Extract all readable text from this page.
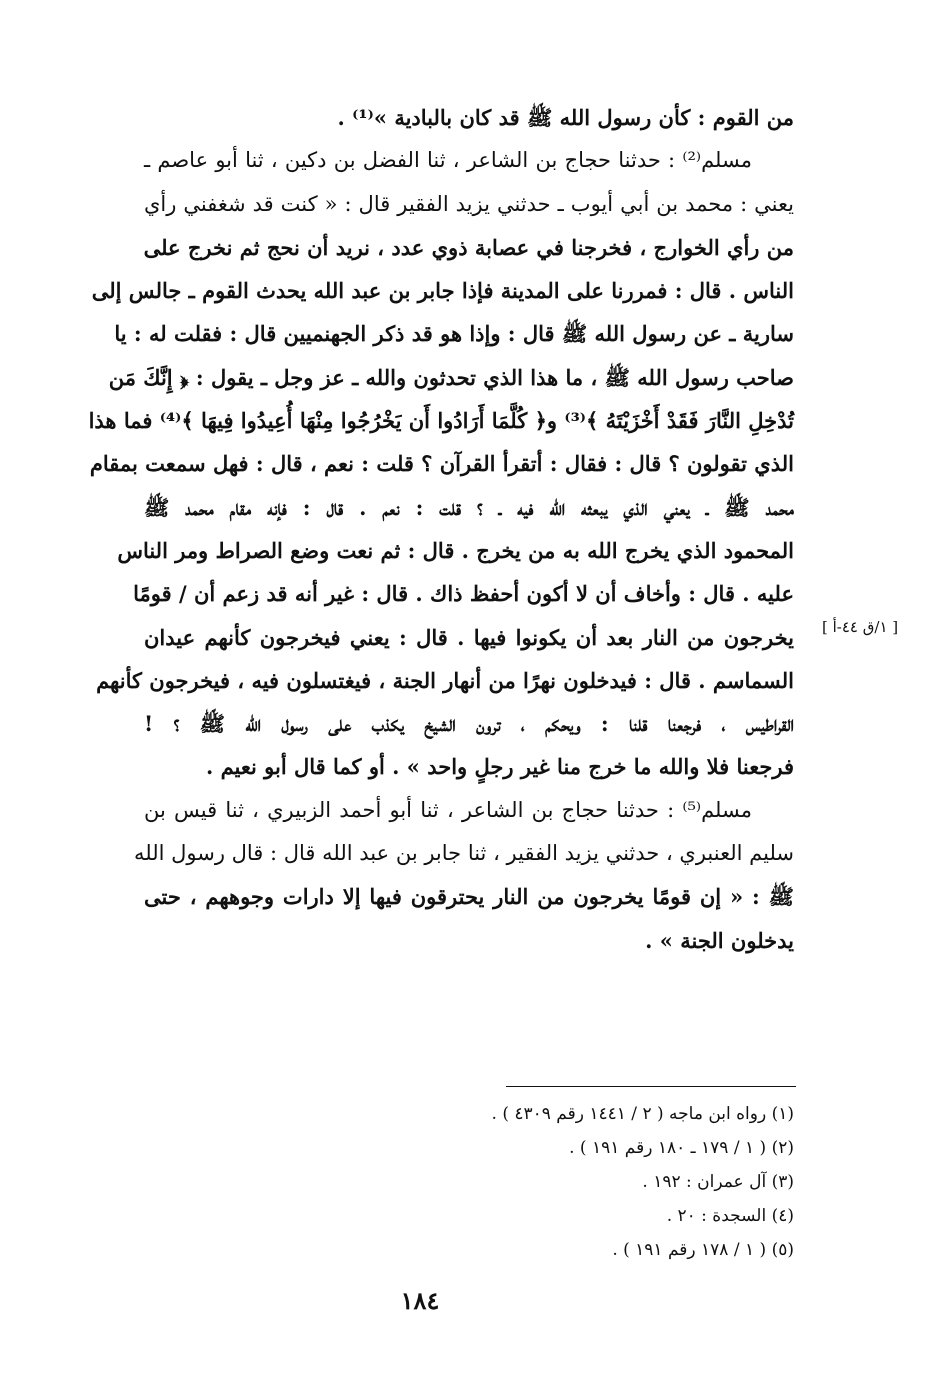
من القوم : كأن رسول الله ﷺ قد كان بالبادية »⁽¹⁾ .
مسلم⁽²⁾ : حدثنا حجاج بن الشاعر ، ثنا الفضل بن دكين ، ثنا أبو عاصم ـ
يعني : محمد بن أبي أيوب ـ حدثني يزيد الفقير قال : « كنت قد شغفني رأي
من رأي الخوارج ، فخرجنا في عصابة ذوي عدد ، نريد أن نحج ثم نخرج على
الناس . قال : فمررنا على المدينة فإذا جابر بن عبد الله يحدث القوم ـ جالس إلى
سارية ـ عن رسول الله ﷺ قال : وإذا هو قد ذكر الجهنميين قال : فقلت له : يا
صاحب رسول الله ﷺ ، ما هذا الذي تحدثون والله ـ عز وجل ـ يقول : ﴿ إِنَّكَ مَن
تُدْخِلِ النَّارَ فَقَدْ أَخْزَيْتَهُ ﴾⁽³⁾ و﴿ كُلَّمَا أَرَادُوا أَن يَخْرُجُوا مِنْهَا أُعِيدُوا فِيهَا ﴾⁽⁴⁾ فما هذا
الذي تقولون ؟ قال : فقال : أتقرأ القرآن ؟ قلت : نعم ، قال : فهل سمعت بمقام
محمد ﷺ ـ يعني الذي يبعثه الله فيه ـ ؟ قلت : نعم . قال : فإنه مقام محمد ﷺ
المحمود الذي يخرج الله به من يخرج . قال : ثم نعت وضع الصراط ومر الناس
عليه . قال : وأخاف أن لا أكون أحفظ ذاك . قال : غير أنه قد زعم أن / قومًا
يخرجون من النار بعد أن يكونوا فيها . قال : يعني فيخرجون كأنهم عيدان
السماسم . قال : فيدخلون نهرًا من أنهار الجنة ، فيغتسلون فيه ، فيخرجون كأنهم
القراطيس ، فرجعنا قلنا : ويحكم ، ترون الشيخ يكذب على رسول الله ﷺ ؟ !
فرجعنا فلا والله ما خرج منا غير رجلٍ واحد » . أو كما قال أبو نعيم .
مسلم⁽⁵⁾ : حدثنا حجاج بن الشاعر ، ثنا أبو أحمد الزبيري ، ثنا قيس بن
سليم العنبري ، حدثني يزيد الفقير ، ثنا جابر بن عبد الله قال : قال رسول الله
ﷺ : « إن قومًا يخرجون من النار يحترقون فيها إلا دارات وجوههم ، حتى
يدخلون الجنة » .
[ ١/ق ٤٤-أ ]
(١) رواه ابن ماجه ( ٢ / ١٤٤١ رقم ٤٣٠٩ ) .
(٢) ( ١ / ١٧٩ ـ ١٨٠ رقم ١٩١ ) .
(٣) آل عمران : ١٩٢ .
(٤) السجدة : ٢٠ .
(٥) ( ١ / ١٧٨ رقم ١٩١ ) .
١٨٤
